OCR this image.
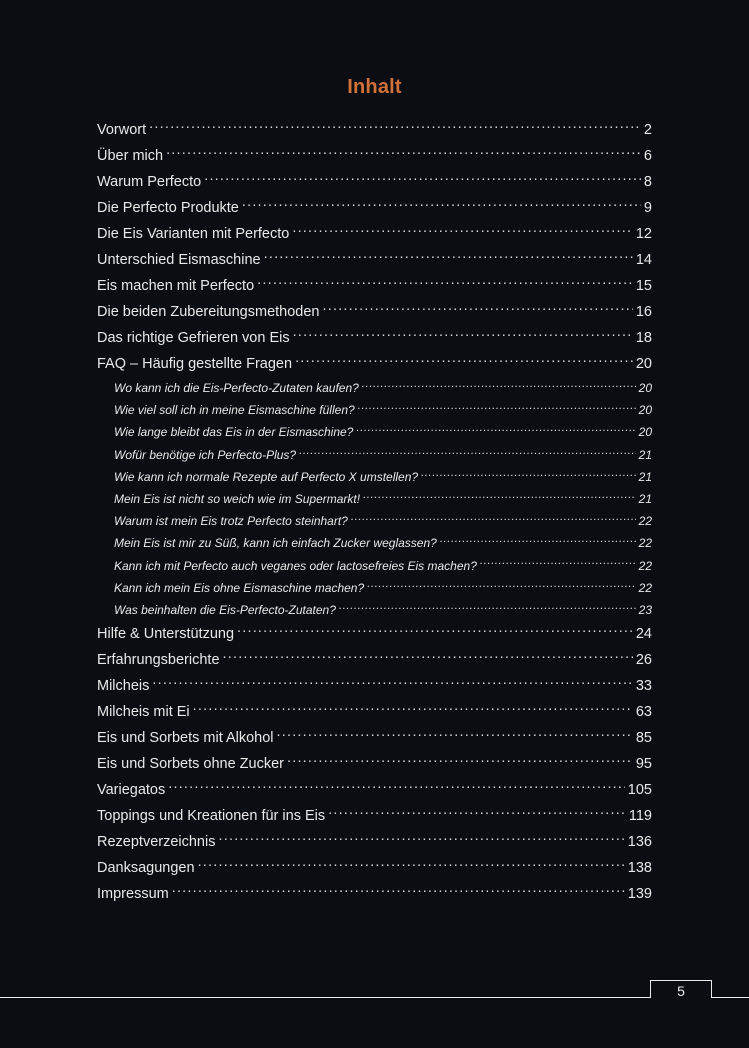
Inhalt
Vorwort .....	2
Über mich .....	6
Warum Perfecto .....	8
Die Perfecto Produkte .....	9
Die Eis Varianten mit Perfecto .....	12
Unterschied Eismaschine .....	14
Eis machen mit Perfecto .....	15
Die beiden Zubereitungsmethoden .....	16
Das richtige Gefrieren von Eis .....	18
FAQ – Häufig gestellte Fragen .....	20
Wo kann ich die Eis-Perfecto-Zutaten kaufen? .....	20
Wie viel soll ich in meine Eismaschine füllen? .....	20
Wie lange bleibt das Eis in der Eismaschine? .....	20
Wofür benötige ich Perfecto-Plus? .....	21
Wie kann ich normale Rezepte auf Perfecto X umstellen? .....	21
Mein Eis ist nicht so weich wie im Supermarkt! .....	21
Warum ist mein Eis trotz Perfecto steinhart? .....	22
Mein Eis ist mir zu Süß, kann ich einfach Zucker weglassen? .....	22
Kann ich mit Perfecto auch veganes oder lactosefreies Eis machen? .....	22
Kann ich mein Eis ohne Eismaschine machen? .....	22
Was beinhalten die Eis-Perfecto-Zutaten? .....	23
Hilfe & Unterstützung .....	24
Erfahrungsberichte .....	26
Milcheis .....	33
Milcheis mit Ei .....	63
Eis und Sorbets mit Alkohol .....	85
Eis und Sorbets ohne Zucker .....	95
Variegatos .....	105
Toppings und Kreationen für ins Eis .....	119
Rezeptverzeichnis .....	136
Danksagungen .....	138
Impressum .....	139
5
